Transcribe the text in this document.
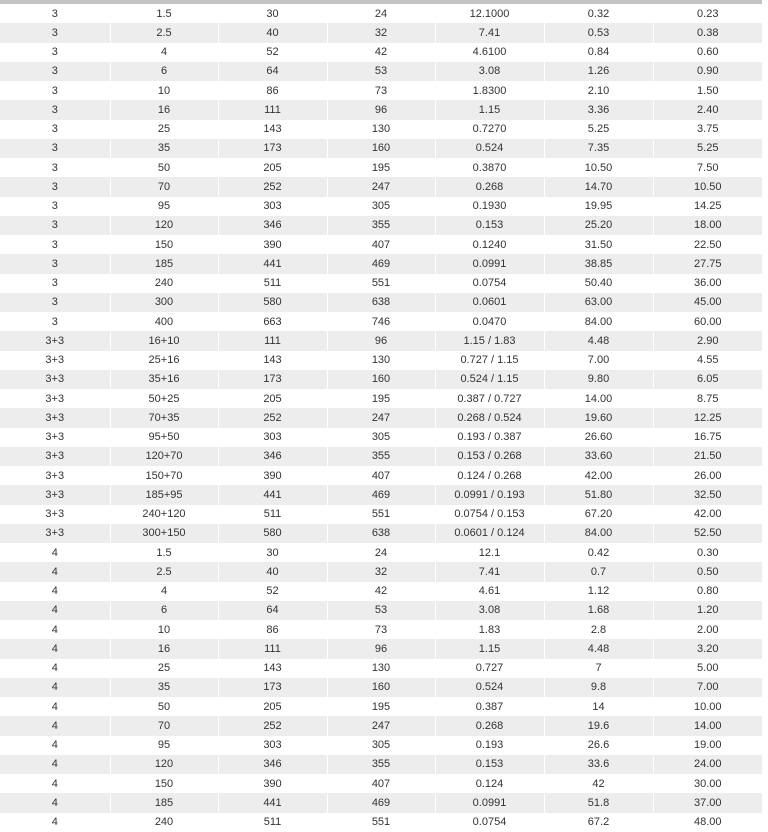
3	1.5	30	24	12.1000	0.32	0.23
3	2.5	40	32	7.41	0.53	0.38
3	4	52	42	4.6100	0.84	0.60
3	6	64	53	3.08	1.26	0.90
3	10	86	73	1.8300	2.10	1.50
3	16	111	96	1.15	3.36	2.40
3	25	143	130	0.7270	5.25	3.75
3	35	173	160	0.524	7.35	5.25
3	50	205	195	0.3870	10.50	7.50
3	70	252	247	0.268	14.70	10.50
3	95	303	305	0.1930	19.95	14.25
3	120	346	355	0.153	25.20	18.00
3	150	390	407	0.1240	31.50	22.50
3	185	441	469	0.0991	38.85	27.75
3	240	511	551	0.0754	50.40	36.00
3	300	580	638	0.0601	63.00	45.00
3	400	663	746	0.0470	84.00	60.00
3+3	16+10	111	96	1.15 / 1.83	4.48	2.90
3+3	25+16	143	130	0.727 / 1.15	7.00	4.55
3+3	35+16	173	160	0.524 / 1.15	9.80	6.05
3+3	50+25	205	195	0.387 / 0.727	14.00	8.75
3+3	70+35	252	247	0.268 / 0.524	19.60	12.25
3+3	95+50	303	305	0.193 / 0.387	26.60	16.75
3+3	120+70	346	355	0.153 / 0.268	33.60	21.50
3+3	150+70	390	407	0.124 / 0.268	42.00	26.00
3+3	185+95	441	469	0.0991 / 0.193	51.80	32.50
3+3	240+120	511	551	0.0754 / 0.153	67.20	42.00
3+3	300+150	580	638	0.0601 / 0.124	84.00	52.50
4	1.5	30	24	12.1	0.42	0.30
4	2.5	40	32	7.41	0.7	0.50
4	4	52	42	4.61	1.12	0.80
4	6	64	53	3.08	1.68	1.20
4	10	86	73	1.83	2.8	2.00
4	16	111	96	1.15	4.48	3.20
4	25	143	130	0.727	7	5.00
4	35	173	160	0.524	9.8	7.00
4	50	205	195	0.387	14	10.00
4	70	252	247	0.268	19.6	14.00
4	95	303	305	0.193	26.6	19.00
4	120	346	355	0.153	33.6	24.00
4	150	390	407	0.124	42	30.00
4	185	441	469	0.0991	51.8	37.00
4	240	511	551	0.0754	67.2	48.00
